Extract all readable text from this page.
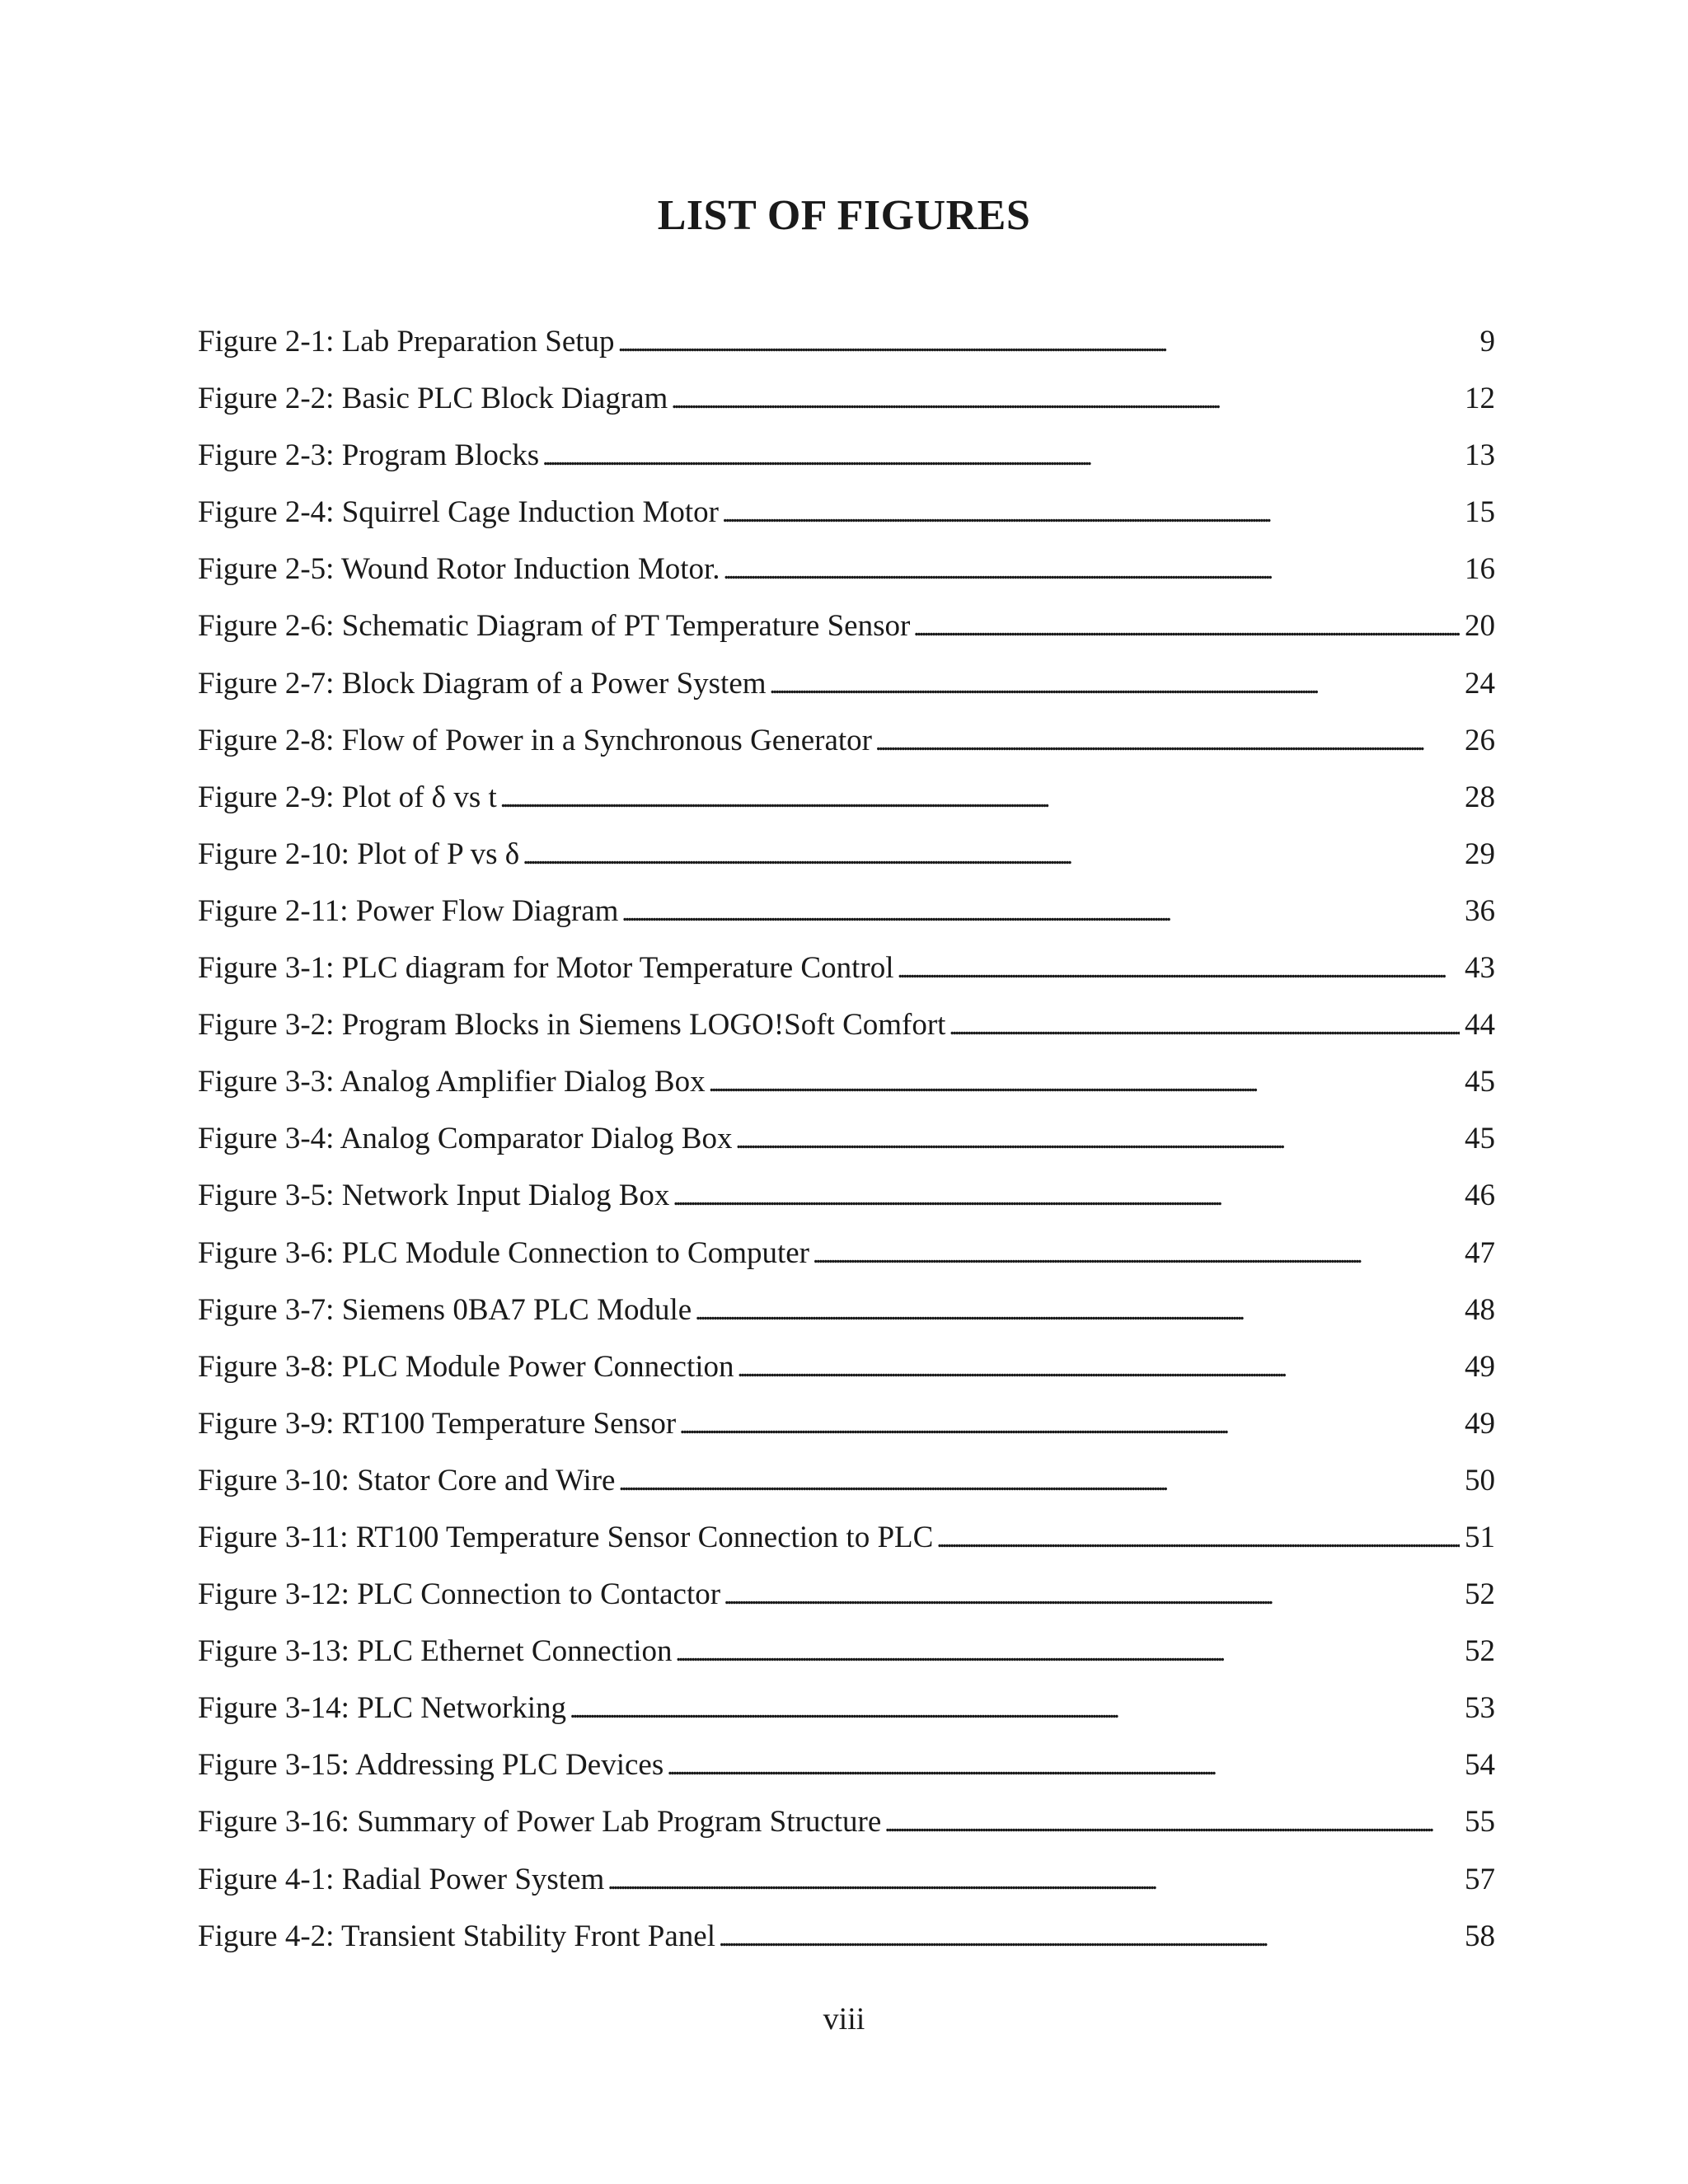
LIST OF FIGURES
Figure 2-1: Lab Preparation Setup . . .	9
Figure 2-2: Basic PLC Block Diagram . . .	12
Figure 2-3: Program Blocks . . .	13
Figure 2-4: Squirrel Cage Induction Motor . . .	15
Figure 2-5: Wound Rotor Induction Motor. . . .	16
Figure 2-6: Schematic Diagram of PT Temperature Sensor . . .	20
Figure 2-7: Block Diagram of a Power System . . .	24
Figure 2-8: Flow of Power in a Synchronous Generator . . .	26
Figure 2-9: Plot of δ vs t . . .	28
Figure 2-10: Plot of P vs δ . . .	29
Figure 2-11: Power Flow Diagram . . .	36
Figure 3-1: PLC diagram for Motor Temperature Control . . .	43
Figure 3-2: Program Blocks in Siemens LOGO!Soft Comfort . . .	44
Figure 3-3: Analog Amplifier Dialog Box . . .	45
Figure 3-4: Analog Comparator Dialog Box . . .	45
Figure 3-5: Network Input Dialog Box . . .	46
Figure 3-6: PLC Module Connection to Computer . . .	47
Figure 3-7: Siemens 0BA7 PLC Module . . .	48
Figure 3-8: PLC Module Power Connection . . .	49
Figure 3-9: RT100 Temperature Sensor . . .	49
Figure 3-10: Stator Core and Wire . . .	50
Figure 3-11: RT100 Temperature Sensor Connection to PLC . . .	51
Figure 3-12: PLC Connection to Contactor . . .	52
Figure 3-13: PLC Ethernet Connection . . .	52
Figure 3-14: PLC Networking . . .	53
Figure 3-15: Addressing PLC Devices . . .	54
Figure 3-16: Summary of Power Lab Program Structure . . .	55
Figure 4-1: Radial Power System . . .	57
Figure 4-2: Transient Stability Front Panel . . .	58
viii
